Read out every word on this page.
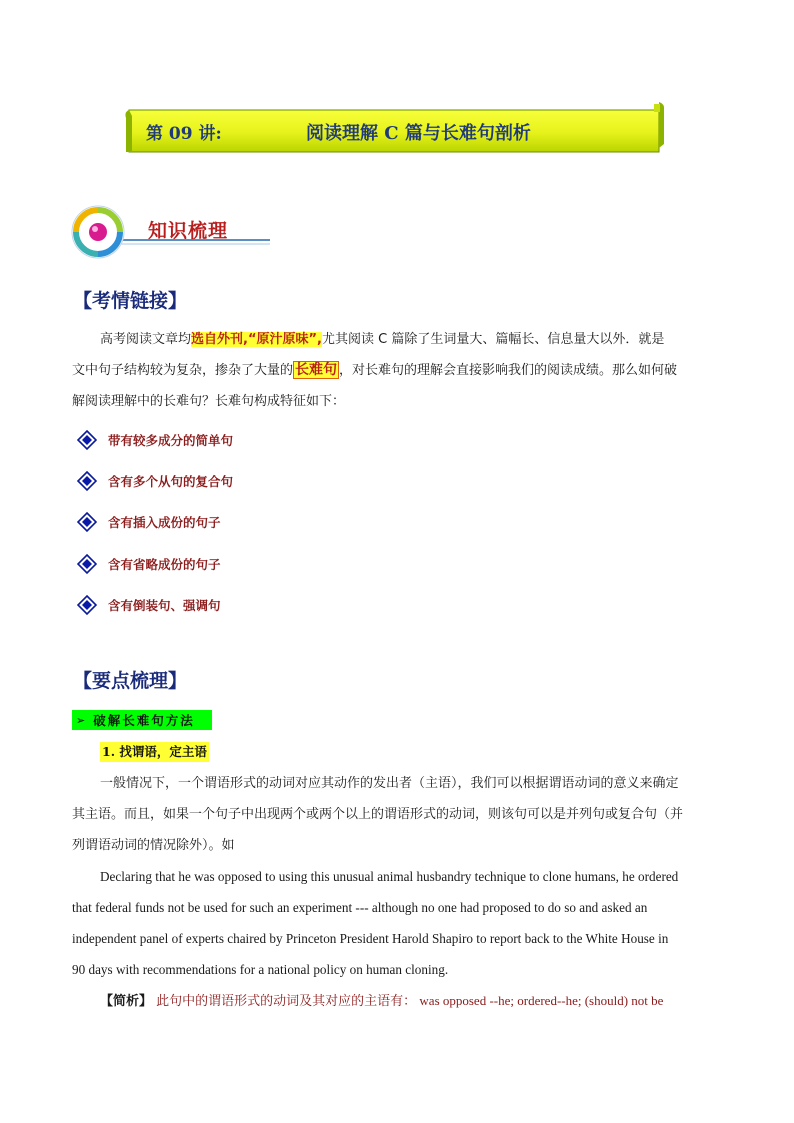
第 09 讲:	阅读理解 C 篇与长难句剖析
知识梳理
【考情链接】
高考阅读文章均选自外刊,“原汁原味”,尤其阅读 C 篇除了生词量大、篇幅长、信息量大以外．就是
文中句子结构较为复杂，掺杂了大量的 长难句 ，对长难句的理解会直接影响我们的阅读成绩。那么如何破
解阅读理解中的长难句？长难句构成特征如下：
带有较多成分的简单句
含有多个从句的复合句
含有插入成份的句子
含有省略成份的句子
含有倒装句、强调句
【要点梳理】
➢ 破解长难句方法
1. 找谓语，定主语
一般情况下，一个谓语形式的动词对应其动作的发出者（主语），我们可以根据谓语动词的意义来确定
其主语。而且，如果一个句子中出现两个或两个以上的谓语形式的动词，则该句可以是并列句或复合句（并
列谓语动词的情况除外）。如
Declaring that he was opposed to using this unusual animal husbandry technique to clone humans, he ordered
that federal funds not be used for such an experiment --- although no one had proposed to do so and asked an
independent panel of experts chaired by Princeton President Harold Shapiro to report back to the White House in
90 days with recommendations for a national policy on human cloning.
【简析】 此句中的谓语形式的动词及其对应的主语有： was opposed --he; ordered--he; (should) not be
